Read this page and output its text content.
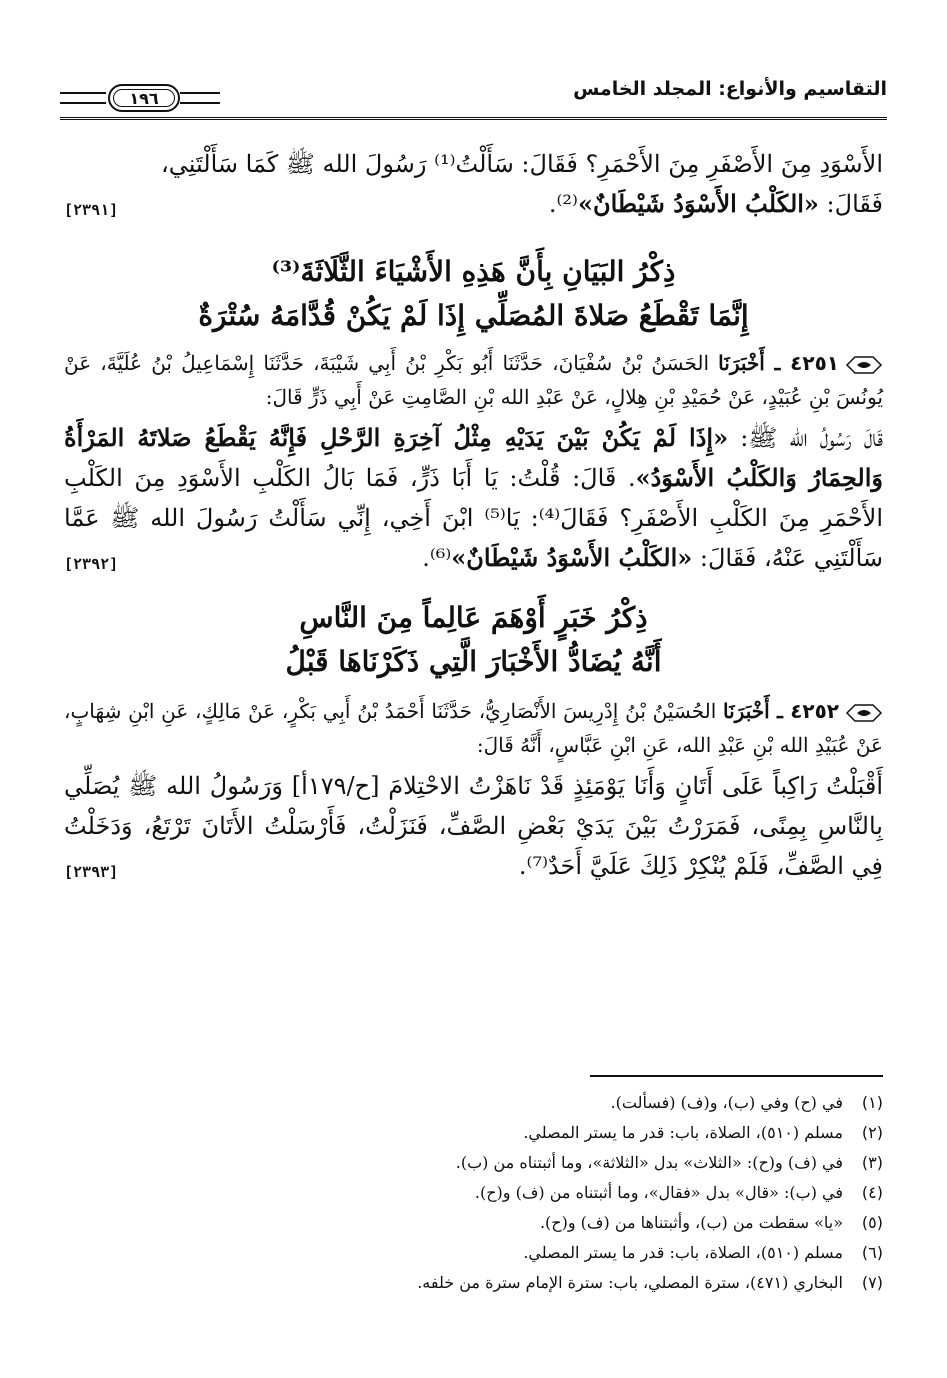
التقاسيم والأنواع: المجلد الخامس
١٩٦

الأَسْوَدِ مِنَ الأَصْفَرِ مِنَ الأَحْمَرِ؟ فَقَالَ: سَأَلْتُ⁽¹⁾ رَسُولَ الله ﷺ كَمَا سَأَلْتَنِي،
فَقَالَ: «الكَلْبُ الأَسْوَدُ شَيْطَانٌ»⁽²⁾.
[٢٣٩١]

ذِكْرُ البَيَانِ بِأَنَّ هَذِهِ الأَشْيَاءَ الثَّلَاثَةَ⁽³⁾
إِنَّمَا تَقْطَعُ صَلاةَ المُصَلِّي إِذَا لَمْ يَكُنْ قُدَّامَهُ سُتْرَةٌ

٤٢٥١ ـ أَخْبَرَنَا الحَسَنُ بْنُ سُفْيَانَ، حَدَّثَنَا أَبُو بَكْرِ بْنُ أَبِي شَيْبَةَ، حَدَّثَنَا إِسْمَاعِيلُ بْنُ عُلَيَّةَ، عَنْ يُونُسَ بْنِ عُبَيْدٍ، عَنْ حُمَيْدِ بْنِ هِلالٍ، عَنْ عَبْدِ الله بْنِ الصَّامِتِ عَنْ أَبِي ذَرٍّ قَالَ:

قَالَ رَسُولُ الله ﷺ: «إِذَا لَمْ يَكُنْ بَيْنَ يَدَيْهِ مِثْلُ آخِرَةِ الرَّحْلِ فَإِنَّهُ يَقْطَعُ صَلاتَهُ المَرْأَةُ وَالحِمَارُ وَالكَلْبُ الأَسْوَدُ». قَالَ: قُلْتُ: يَا أَبَا ذَرٍّ، فَمَا بَالُ الكَلْبِ الأَسْوَدِ مِنَ الكَلْبِ الأَحْمَرِ مِنَ الكَلْبِ الأَصْفَرِ؟ فَقَالَ⁽⁴⁾: يَا⁽⁵⁾ ابْنَ أَخِي، إِنِّي سَأَلْتُ رَسُولَ الله ﷺ عَمَّا سَأَلْتَنِي عَنْهُ، فَقَالَ: «الكَلْبُ الأَسْوَدُ شَيْطَانٌ»⁽⁶⁾.
[٢٣٩٢]

ذِكْرُ خَبَرٍ أَوْهَمَ عَالِماً مِنَ النَّاسِ
أَنَّهُ يُضَادُّ الأَخْبَارَ الَّتِي ذَكَرْنَاهَا قَبْلُ

٤٢٥٢ ـ أَخْبَرَنَا الحُسَيْنُ بْنُ إِدْرِيسَ الأَنْصَارِيُّ، حَدَّثَنَا أَحْمَدُ بْنُ أَبِي بَكْرٍ، عَنْ مَالِكٍ، عَنِ ابْنِ شِهَابٍ، عَنْ عُبَيْدِ الله بْنِ عَبْدِ الله، عَنِ ابْنِ عَبَّاسٍ، أَنَّهُ قَالَ:

أَقْبَلْتُ رَاكِباً عَلَى أَتَانٍ وَأَنَا يَوْمَئِذٍ قَدْ نَاهَزْتُ الاحْتِلامَ [ح/١٧٩أ] وَرَسُولُ الله ﷺ يُصَلِّي بِالنَّاسِ بِمِنًى، فَمَرَرْتُ بَيْنَ يَدَيْ بَعْضِ الصَّفِّ، فَنَزَلْتُ، فَأَرْسَلْتُ الأَتَانَ تَرْتَعُ، وَدَخَلْتُ فِي الصَّفِّ، فَلَمْ يُنْكِرْ ذَلِكَ عَلَيَّ أَحَدٌ⁽⁷⁾.
[٢٣٩٣]

(١)في (ح) وفي (ب)، و(ف) (فسألت).

(٢)مسلم (٥١٠)، الصلاة، باب: قدر ما يستر المصلي.

(٣)في (ف) و(ح): «الثلاث» بدل «الثلاثة»، وما أثبتناه من (ب).

(٤)في (ب): «قال» بدل «فقال»، وما أثبتناه من (ف) و(ح).

(٥)«يا» سقطت من (ب)، وأثبتناها من (ف) و(ح).

(٦)مسلم (٥١٠)، الصلاة، باب: قدر ما يستر المصلي.

(٧)البخاري (٤٧١)، سترة المصلي، باب: سترة الإمام سترة من خلفه.
